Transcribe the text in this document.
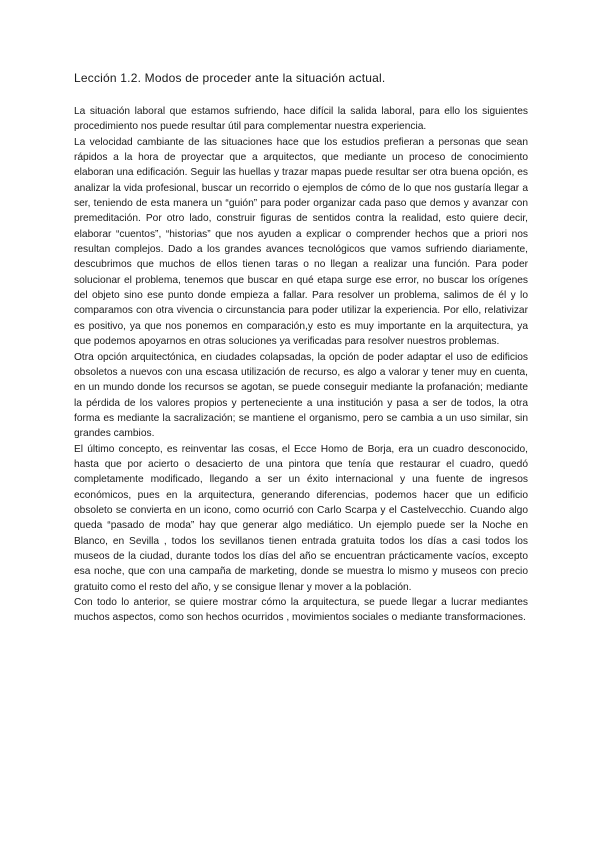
Lección 1.2. Modos de proceder ante la situación actual.

La situación laboral que estamos sufriendo, hace difícil la salida laboral, para ello los siguientes procedimiento nos puede resultar útil para complementar nuestra experiencia.

La velocidad cambiante de las situaciones hace que los estudios prefieran a personas que sean rápidos a la hora de proyectar que a arquitectos, que mediante un proceso de conocimiento elaboran una edificación. Seguir las huellas y trazar mapas puede resultar ser otra buena opción, es analizar la vida profesional, buscar un recorrido o ejemplos de cómo de lo que nos gustaría llegar a ser, teniendo de esta manera un “guión” para poder organizar cada paso que demos y avanzar con premeditación. Por otro lado, construir figuras de sentidos contra la realidad, esto quiere decir, elaborar “cuentos”, “historias” que nos ayuden a explicar o comprender hechos que a priori nos resultan complejos. Dado a los grandes avances tecnológicos que vamos sufriendo diariamente, descubrimos que muchos de ellos tienen taras o no llegan a realizar una función. Para poder solucionar el problema, tenemos que buscar en qué etapa surge ese error, no buscar los orígenes del objeto sino ese punto donde empieza a fallar. Para resolver un problema, salimos de él y lo comparamos con otra vivencia o circunstancia para poder utilizar la experiencia. Por ello, relativizar es positivo, ya que nos ponemos en comparación,y esto es muy importante en la arquitectura, ya que podemos apoyarnos en otras soluciones ya verificadas para resolver nuestros problemas.

Otra opción arquitectónica, en ciudades colapsadas, la opción de poder adaptar el uso de edificios obsoletos a nuevos con una escasa utilización de recurso, es algo a valorar y tener muy en cuenta, en un mundo donde los recursos se agotan, se puede conseguir mediante la profanación; mediante la pérdida de los valores propios y perteneciente a una institución y pasa a ser de todos, la otra forma es mediante la sacralización; se mantiene el organismo, pero se cambia a un uso similar, sin grandes cambios.

El último concepto, es reinventar las cosas, el Ecce Homo de Borja, era un cuadro desconocido, hasta que por acierto o desacierto de una pintora que tenía que restaurar el cuadro, quedó completamente modificado, llegando a ser un éxito internacional y una fuente de ingresos económicos, pues en la arquitectura, generando diferencias, podemos hacer que un edificio obsoleto se convierta en un icono, como ocurrió con Carlo Scarpa y el Castelvecchio. Cuando algo queda “pasado de moda” hay que generar algo mediático. Un ejemplo puede ser la Noche en Blanco, en Sevilla , todos los sevillanos tienen entrada gratuita todos los días a casi todos los museos de la ciudad, durante todos los días del año se encuentran prácticamente vacíos, excepto esa noche, que con una campaña de marketing, donde se muestra lo mismo y museos con precio gratuito como el resto del año, y se consigue llenar y mover a la población.

Con todo lo anterior, se quiere mostrar cómo la arquitectura, se puede llegar a lucrar mediantes muchos aspectos, como son hechos ocurridos , movimientos sociales o mediante transformaciones.
